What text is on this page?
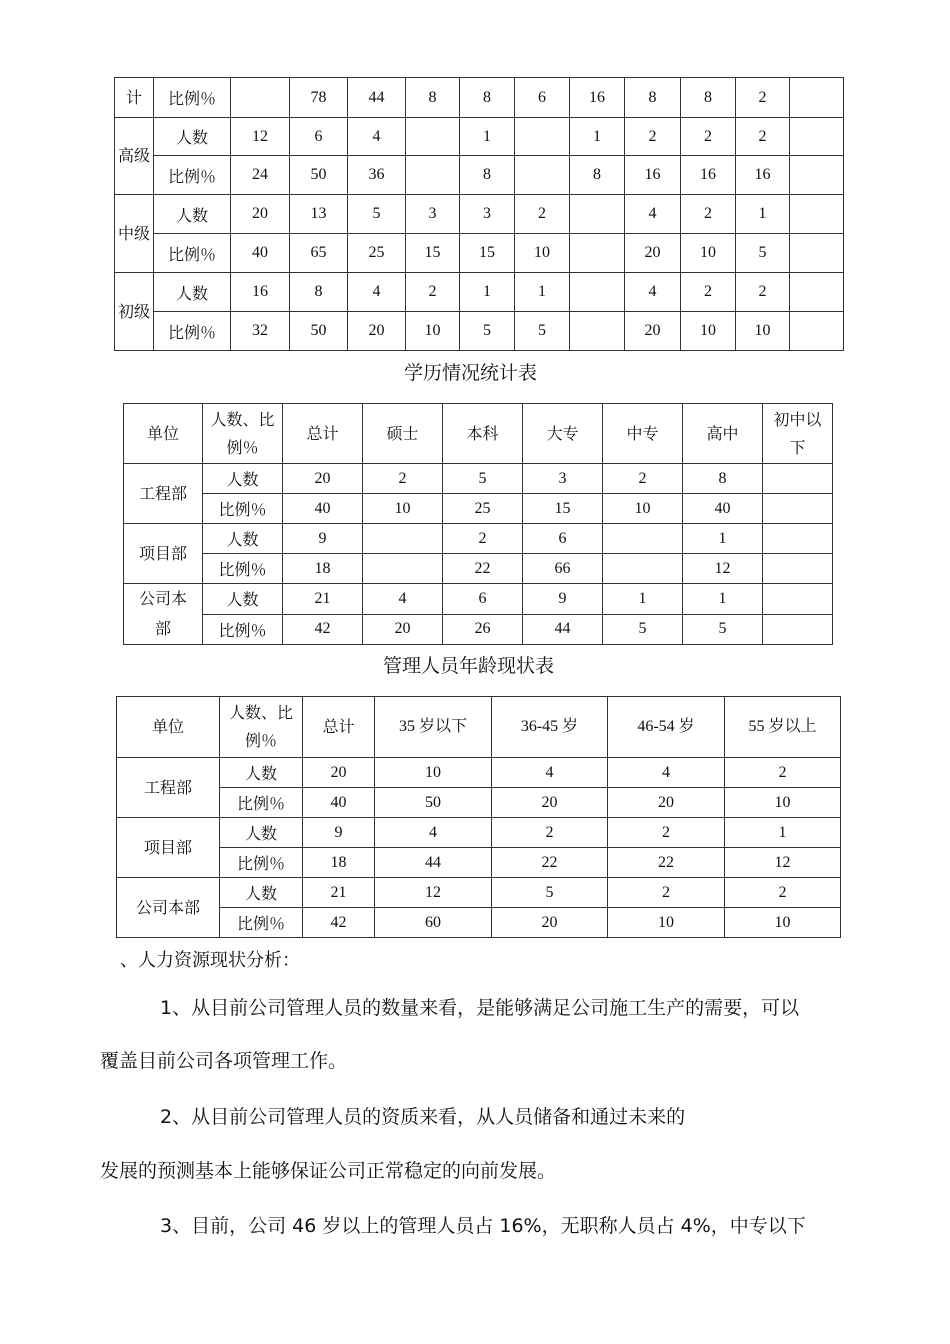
计	比例％		78	44	8	8	6	16	8	8	2	
高级	人数	12	6	4		1		1	2	2	2	
	比例％	24	50	36		8		8	16	16	16	
中级	人数	20	13	5	3	3	2		4	2	1	
	比例％	40	65	25	15	15	10		20	10	5	
初级	人数	16	8	4	2	1	1		4	2	2	
	比例％	32	50	20	10	5	5		20	10	10	
学历情况统计表
单位	人数、比例％	总计	硕士	本科	大专	中专	高中	初中以下
工程部	人数	20	2	5	3	2	8	
	比例％	40	10	25	15	10	40	
项目部	人数	9		2	6		1	
	比例％	18		22	66		12	
公司本部	人数	21	4	6	9	1	1	
	比例％	42	20	26	44	5	5	
管理人员年龄现状表
单位	人数、比例％	总计	35 岁以下	36-45 岁	46-54 岁	55 岁以上
工程部	人数	20	10	4	4	2
	比例％	40	50	20	20	10
项目部	人数	9	4	2	2	1
	比例％	18	44	22	22	12
公司本部	人数	21	12	5	2	2
	比例％	42	60	20	10	10
、人力资源现状分析：
1、从目前公司管理人员的数量来看，是能够满足公司施工生产的需要，可以
覆盖目前公司各项管理工作。
2、从目前公司管理人员的资质来看，从人员储备和通过未来的
发展的预测基本上能够保证公司正常稳定的向前发展。
3、目前，公司 46 岁以上的管理人员占 16%，无职称人员占 4%，中专以下
